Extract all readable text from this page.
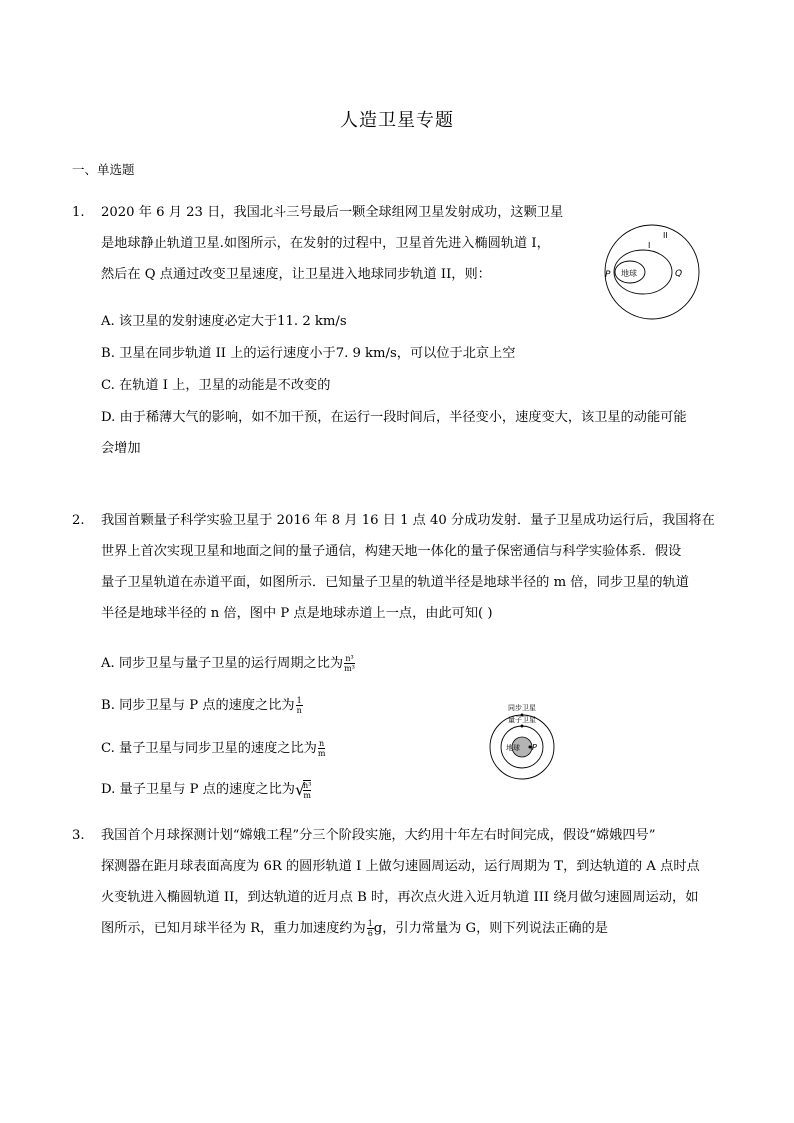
人造卫星专题
一、单选题
1. 2020 年 6 月 23 日，我国北斗三号最后一颗全球组网卫星发射成功，这颗卫星
是地球静止轨道卫星.如图所示，在发射的过程中，卫星首先进入椭圆轨道 I，
然后在 Q 点通过改变卫星速度，让卫星进入地球同步轨道 II，则：	地球
P	Q
I
II
A. 该卫星的发射速度必定大于11. 2 km/s
B. 卫星在同步轨道 II 上的运行速度小于7. 9 km/s，可以位于北京上空
C. 在轨道 I 上，卫星的动能是不改变的
D. 由于稀薄大气的影响，如不加干预，在运行一段时间后，半径变小，速度变大，该卫星的动能可能
会增加
2. 我国首颗量子科学实验卫星于 2016 年 8 月 16 日 1 点 40 分成功发射．量子卫星成功运行后，我国将在
世界上首次实现卫星和地面之间的量子通信，构建天地一体化的量子保密通信与科学实验体系．假设
量子卫星轨道在赤道平面，如图所示．已知量子卫星的轨道半径是地球半径的 m 倍，同步卫星的轨道
半径是地球半径的 n 倍，图中 P 点是地球赤道上一点，由此可知( )
A. 同步卫星与量子卫星的运行周期之比为 $\frac{\text{n³}}{\text{m³}}$
B. 同步卫星与 P 点的速度之比为 $\frac{1}{n}$
C. 量子卫星与同步卫星的速度之比为 $\frac{n}{m}$
D. 量子卫星与 P 点的速度之比为 √
$\frac{\text{n³}}{m}$
同步卫星
量子卫星
地球 P
3. 我国首个月球探测计划“嫦娥工程”分三个阶段实施，大约用十年左右时间完成，假设“嫦娥四号”
探测器在距月球表面高度为 6R 的圆形轨道 I 上做匀速圆周运动，运行周期为 T，到达轨道的 A 点时点
火变轨进入椭圆轨道 II，到达轨道的近月点 B 时，再次点火进入近月轨道 III 绕月做匀速圆周运动，如
图所示，已知月球半径为 R，重力加速度约为 $\frac{1}{6}$ g，引力常量为 G，则下列说法正确的是
